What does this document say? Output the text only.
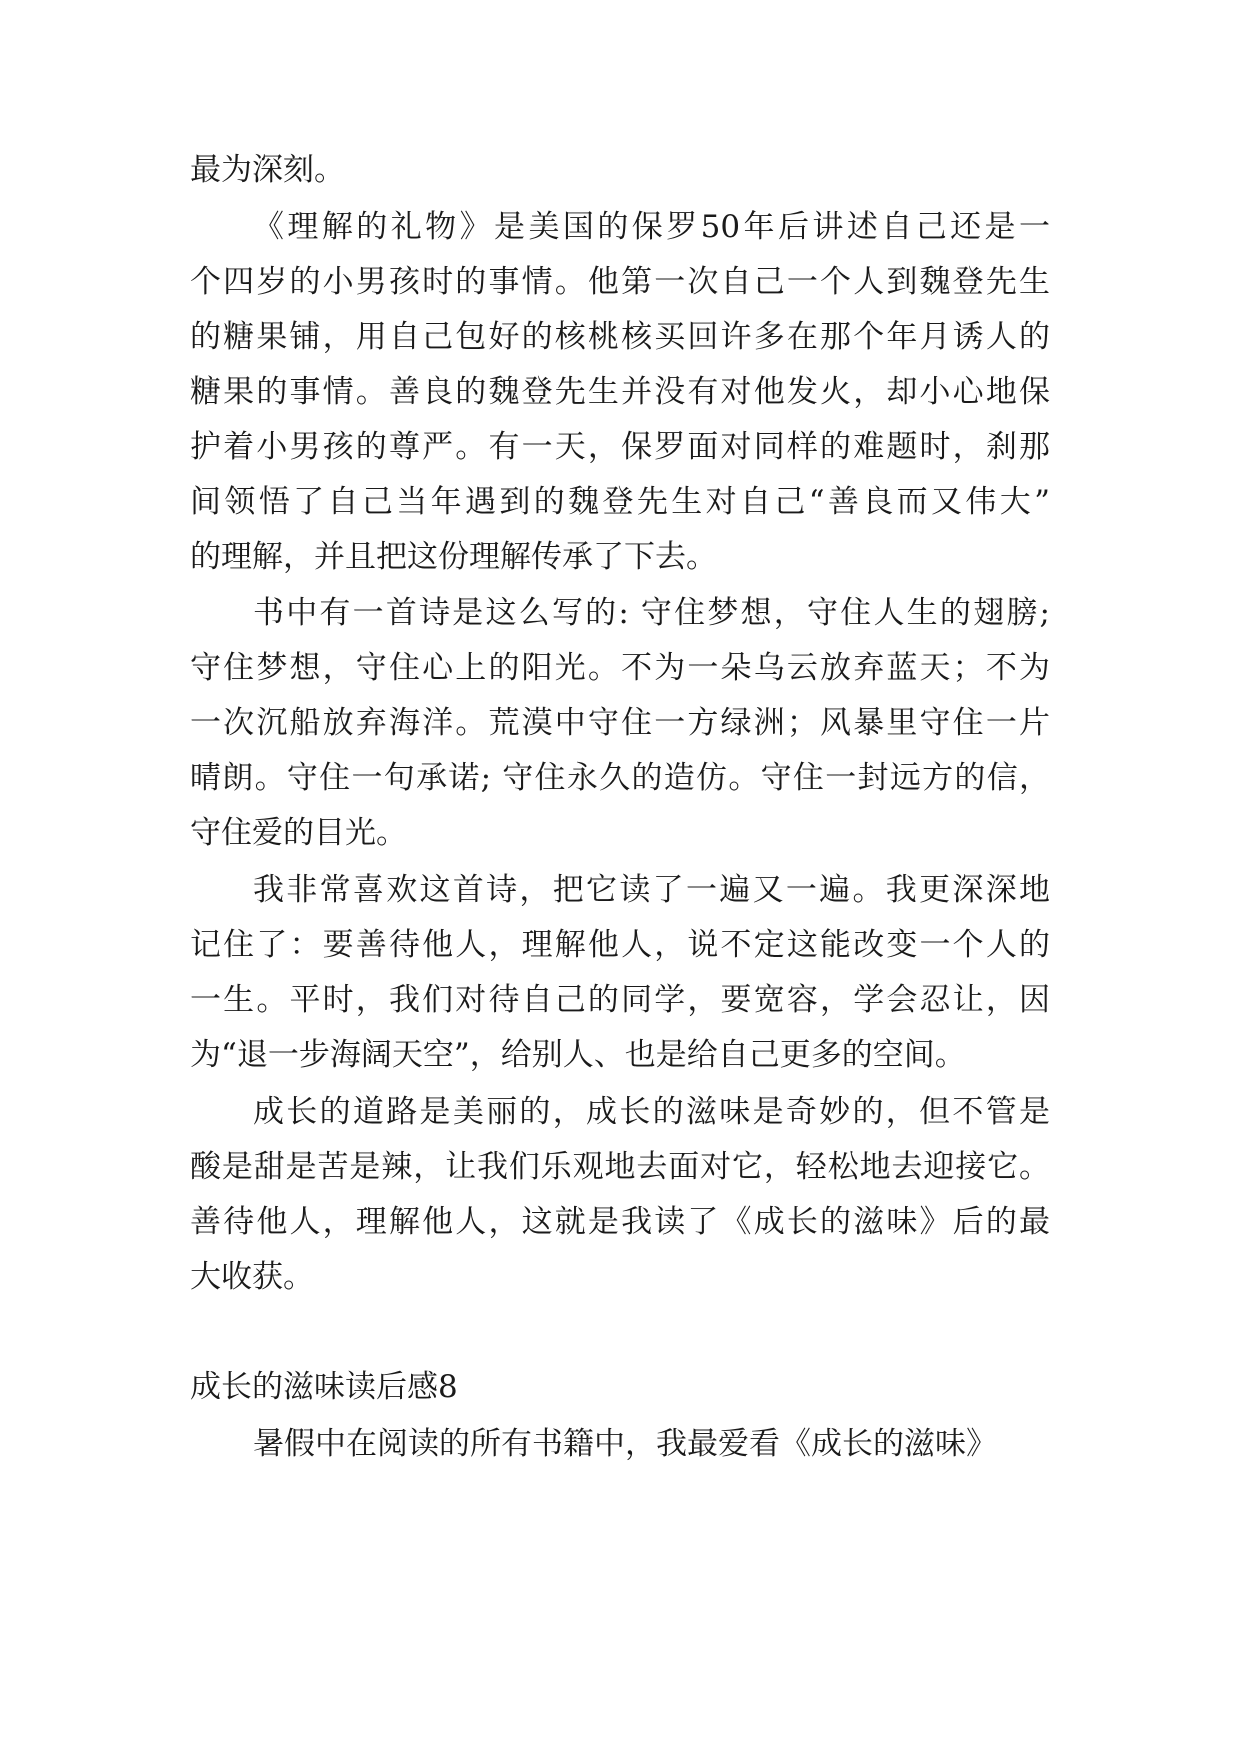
最为深刻。
《理解的礼物》是美国的保罗50年后讲述自己还是一
个四岁的小男孩时的事情。他第一次自己一个人到魏登先生
的糖果铺，用自己包好的核桃核买回许多在那个年月诱人的
糖果的事情。善良的魏登先生并没有对他发火，却小心地保
护着小男孩的尊严。有一天，保罗面对同样的难题时，刹那
间领悟了自己当年遇到的魏登先生对自己“善良而又伟大”
的理解，并且把这份理解传承了下去。
书中有一首诗是这么写的: 守住梦想，守住人生的翅膀;
守住梦想，守住心上的阳光。不为一朵乌云放弃蓝天；不为
一次沉船放弃海洋。荒漠中守住一方绿洲；风暴里守住一片
晴朗。守住一句承诺; 守住永久的造仿。守住一封远方的信，
守住爱的目光。
我非常喜欢这首诗，把它读了一遍又一遍。我更深深地
记住了：要善待他人，理解他人，说不定这能改变一个人的
一生。平时，我们对待自己的同学，要宽容，学会忍让，因
为“退一步海阔天空”，给别人、也是给自己更多的空间。
成长的道路是美丽的，成长的滋味是奇妙的，但不管是
酸是甜是苦是辣，让我们乐观地去面对它，轻松地去迎接它。
善待他人，理解他人，这就是我读了《成长的滋味》后的最
大收获。
成长的滋味读后感8
暑假中在阅读的所有书籍中，我最爱看《成长的滋味》
